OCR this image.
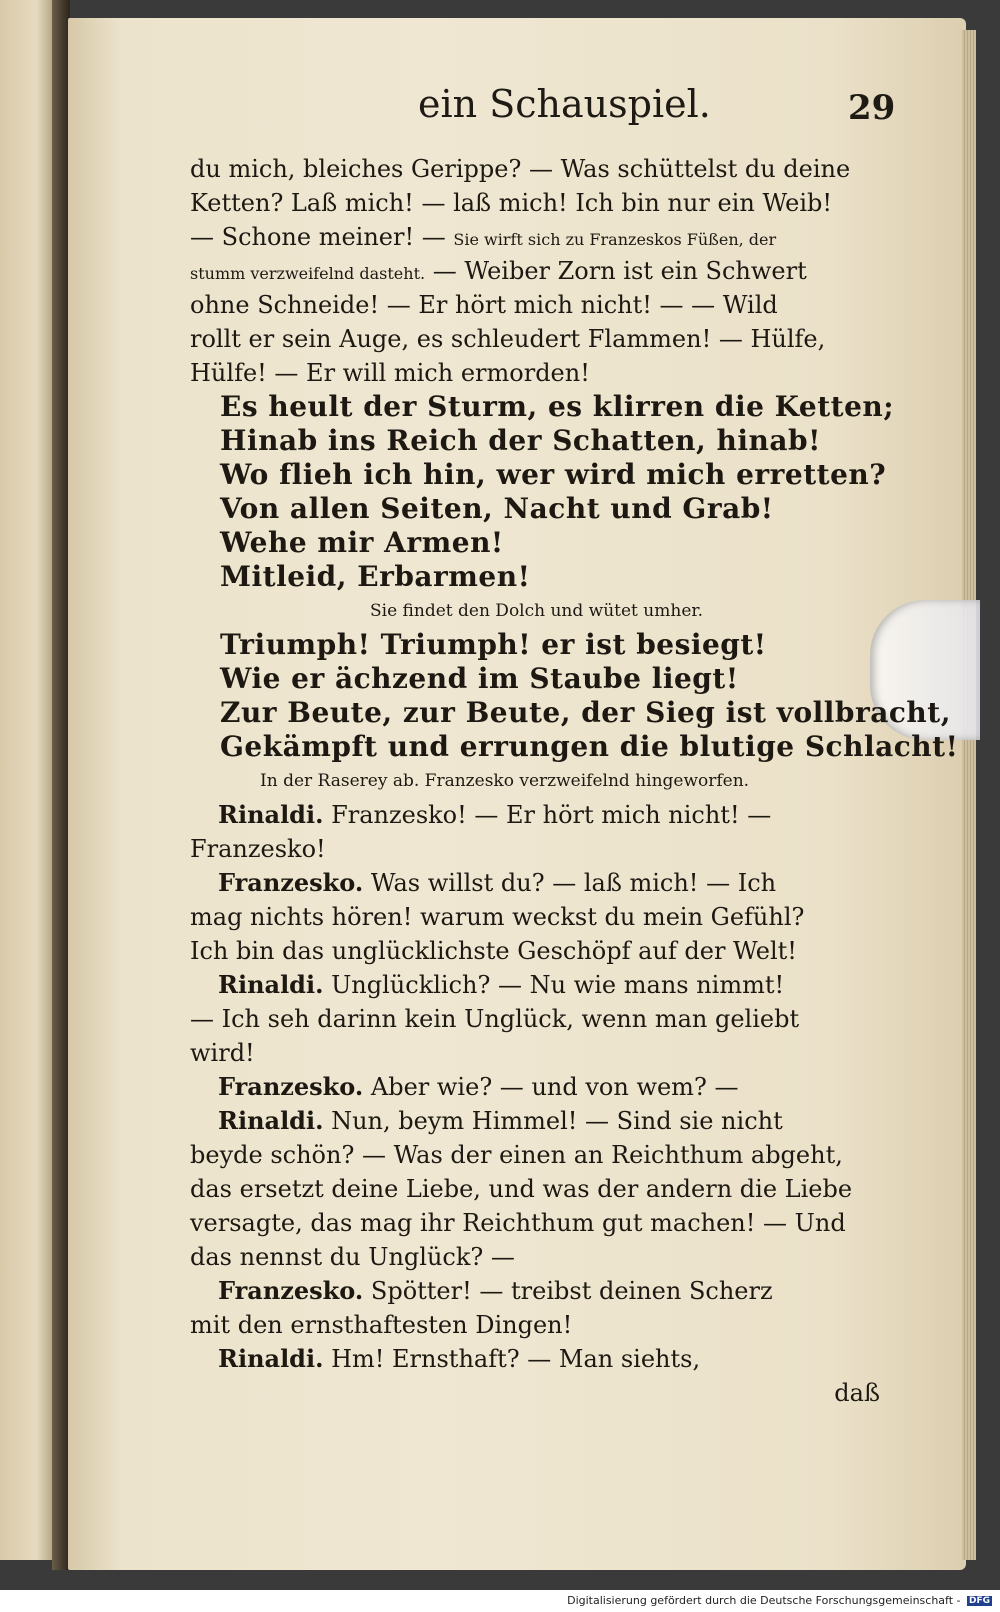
ein Schauspiel.	29
du mich, bleiches Gerippe? — Was schüttelst du deine
Ketten? Laß mich! — laß mich! Ich bin nur ein Weib!
— Schone meiner! — Sie wirft sich zu Franzeskos Füßen, der
stumm verzweifelnd dasteht. — Weiber Zorn ist ein Schwert
ohne Schneide! — Er hört mich nicht! — — Wild
rollt er sein Auge, es schleudert Flammen! — Hülfe,
Hülfe! — Er will mich ermorden!
Es heult der Sturm, es klirren die Ketten;
Hinab ins Reich der Schatten, hinab!
Wo flieh ich hin, wer wird mich erretten?
Von allen Seiten, Nacht und Grab!
Wehe mir Armen!
Mitleid, Erbarmen!
Sie findet den Dolch und wütet umher.
Triumph! Triumph! er ist besiegt!
Wie er ächzend im Staube liegt!
Zur Beute, zur Beute, der Sieg ist vollbracht,
Gekämpft und errungen die blutige Schlacht!
In der Raserey ab. Franzesko verzweifelnd hingeworfen.
Rinaldi. Franzesko! — Er hört mich nicht! —
Franzesko!
Franzesko. Was willst du? — laß mich! — Ich
mag nichts hören! warum weckst du mein Gefühl?
Ich bin das unglücklichste Geschöpf auf der Welt!
Rinaldi. Unglücklich? — Nu wie mans nimmt!
— Ich seh darinn kein Unglück, wenn man geliebt
wird!
Franzesko. Aber wie? — und von wem? —
Rinaldi. Nun, beym Himmel! — Sind sie nicht
beyde schön? — Was der einen an Reichthum abgeht,
das ersetzt deine Liebe, und was der andern die Liebe
versagte, das mag ihr Reichthum gut machen! — Und
das nennst du Unglück? —
Franzesko. Spötter! — treibst deinen Scherz
mit den ernsthaftesten Dingen!
Rinaldi. Hm! Ernsthaft? — Man siehts,
daß
Digitalisierung gefördert durch die Deutsche Forschungsgemeinschaft - DFG
